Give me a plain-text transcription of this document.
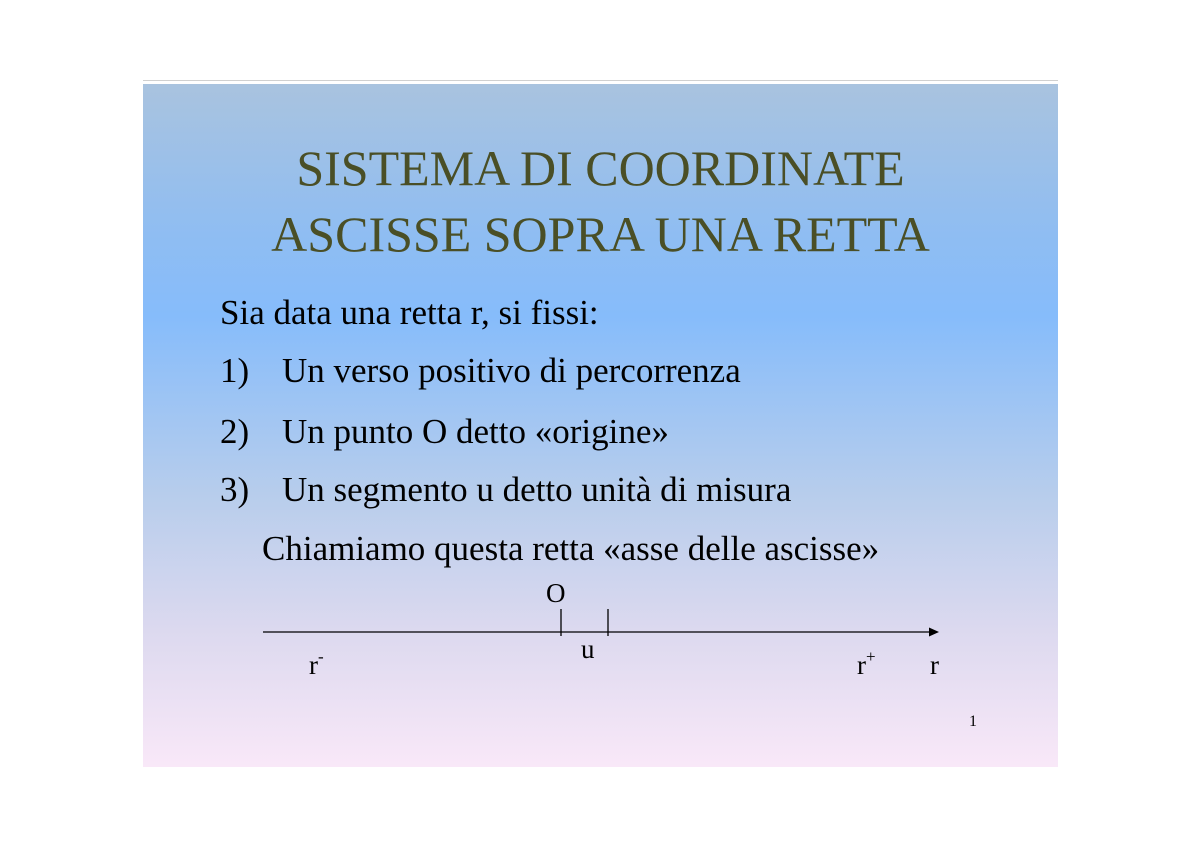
SISTEMA DI COORDINATE
ASCISSE SOPRA UNA RETTA
Sia data una retta r, si fissi:
1) Un verso positivo di percorrenza
2) Un punto O detto «origine»
3) Un segmento u detto unità di misura
Chiamiamo questa retta «asse delle ascisse»
O
u
r-	r+ r
1
